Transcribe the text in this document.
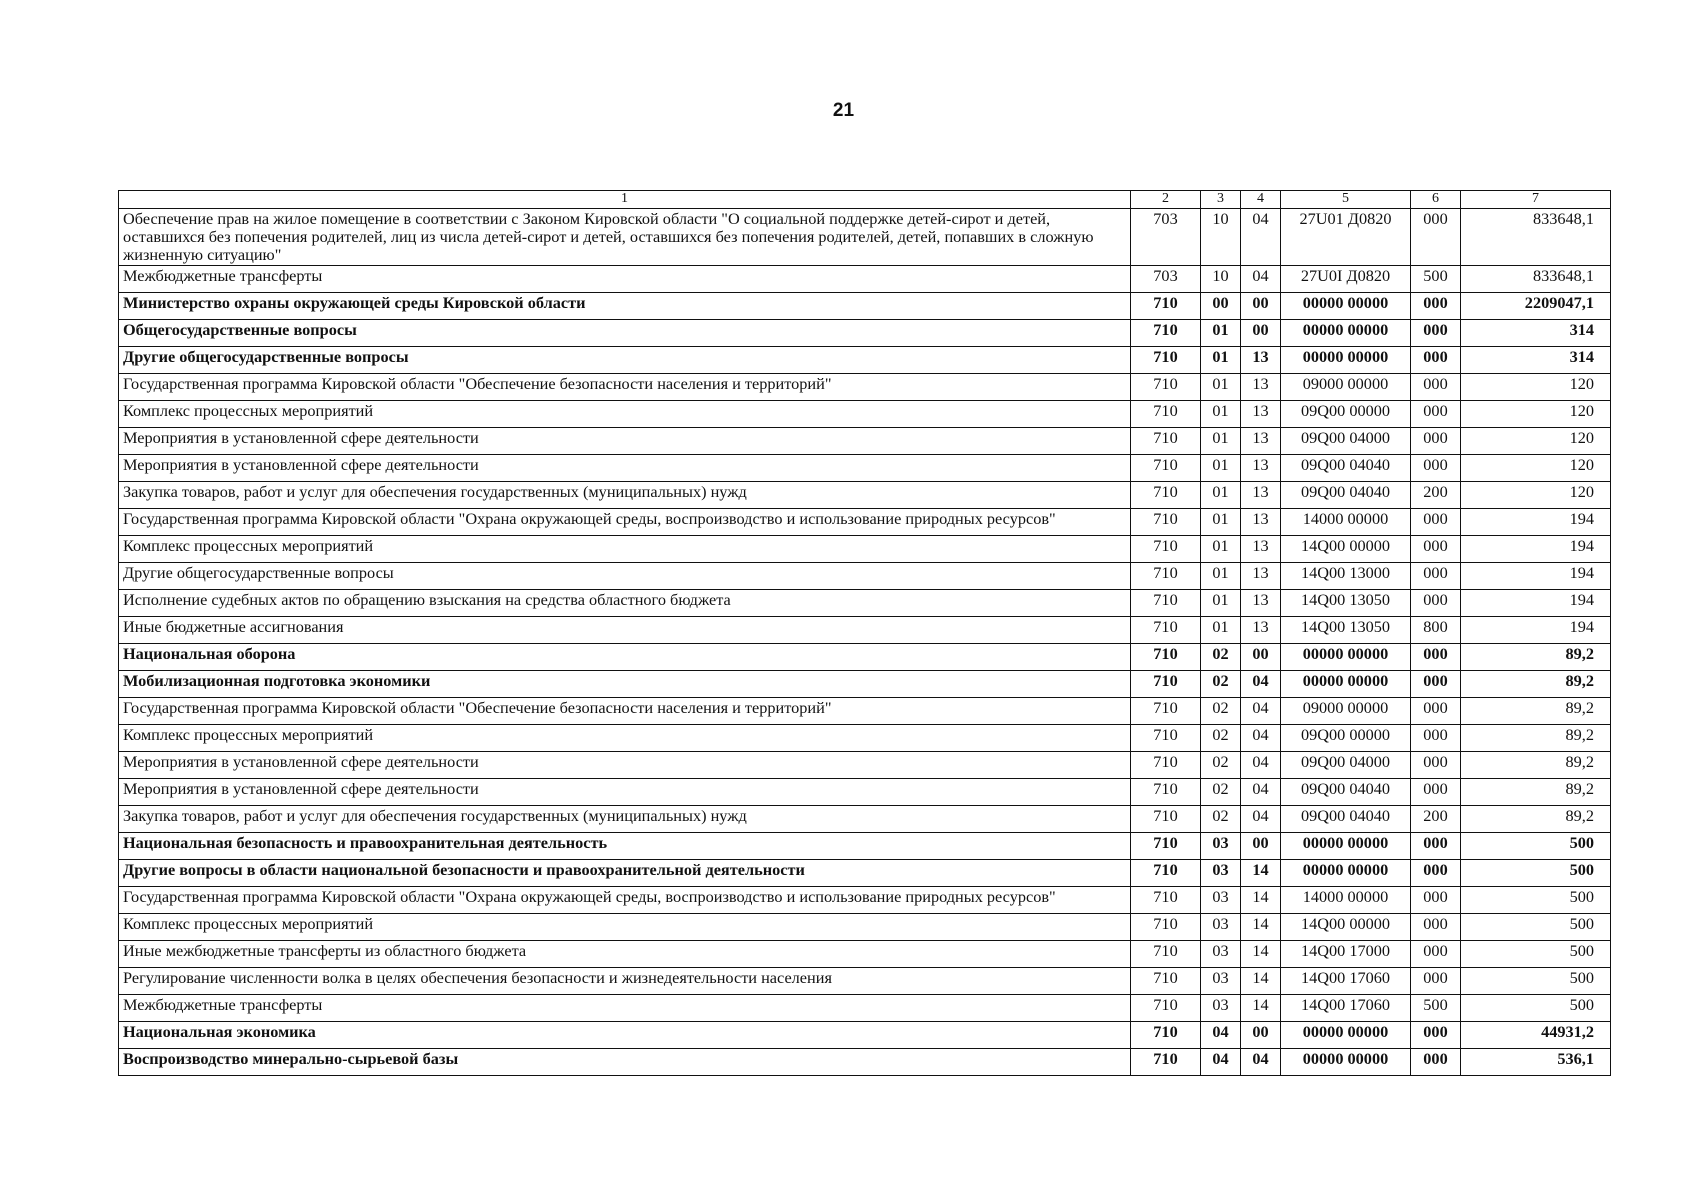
21
1	2	3	4	5	6	7
Обеспечение прав на жилое помещение в соответствии с Законом Кировской области "О социальной поддержке детей-сирот и детей, оставшихся без попечения родителей, лиц из числа детей-сирот и детей, оставшихся без попечения родителей, детей, попавших в сложную жизненную ситуацию"	703	10	04	27U01 Д0820	000	833648,1
Межбюджетные трансферты	703	10	04	27U0I Д0820	500	833648,1
Министерство охраны окружающей среды Кировской области	710	00	00	00000 00000	000	2209047,1
Общегосударственные вопросы	710	01	00	00000 00000	000	314
Другие общегосударственные вопросы	710	01	13	00000 00000	000	314
Государственная программа Кировской области "Обеспечение безопасности населения и территорий"	710	01	13	09000 00000	000	120
Комплекс процессных мероприятий	710	01	13	09Q00 00000	000	120
Мероприятия в установленной сфере деятельности	710	01	13	09Q00 04000	000	120
Мероприятия в установленной сфере деятельности	710	01	13	09Q00 04040	000	120
Закупка товаров, работ и услуг для обеспечения государственных (муниципальных) нужд	710	01	13	09Q00 04040	200	120
Государственная программа Кировской области "Охрана окружающей среды, воспроизводство и использование природных ресурсов"	710	01	13	14000 00000	000	194
Комплекс процессных мероприятий	710	01	13	14Q00 00000	000	194
Другие общегосударственные вопросы	710	01	13	14Q00 13000	000	194
Исполнение судебных актов по обращению взыскания на средства областного бюджета	710	01	13	14Q00 13050	000	194
Иные бюджетные ассигнования	710	01	13	14Q00 13050	800	194
Национальная оборона	710	02	00	00000 00000	000	89,2
Мобилизационная подготовка экономики	710	02	04	00000 00000	000	89,2
Государственная программа Кировской области "Обеспечение безопасности населения и территорий"	710	02	04	09000 00000	000	89,2
Комплекс процессных мероприятий	710	02	04	09Q00 00000	000	89,2
Мероприятия в установленной сфере деятельности	710	02	04	09Q00 04000	000	89,2
Мероприятия в установленной сфере деятельности	710	02	04	09Q00 04040	000	89,2
Закупка товаров, работ и услуг для обеспечения государственных (муниципальных) нужд	710	02	04	09Q00 04040	200	89,2
Национальная безопасность и правоохранительная деятельность	710	03	00	00000 00000	000	500
Другие вопросы в области национальной безопасности и правоохранительной деятельности	710	03	14	00000 00000	000	500
Государственная программа Кировской области "Охрана окружающей среды, воспроизводство и использование природных ресурсов"	710	03	14	14000 00000	000	500
Комплекс процессных мероприятий	710	03	14	14Q00 00000	000	500
Иные межбюджетные трансферты из областного бюджета	710	03	14	14Q00 17000	000	500
Регулирование численности волка в целях обеспечения безопасности и жизнедеятельности населения	710	03	14	14Q00 17060	000	500
Межбюджетные трансферты	710	03	14	14Q00 17060	500	500
Национальная экономика	710	04	00	00000 00000	000	44931,2
Воспроизводство минерально-сырьевой базы	710	04	04	00000 00000	000	536,1
